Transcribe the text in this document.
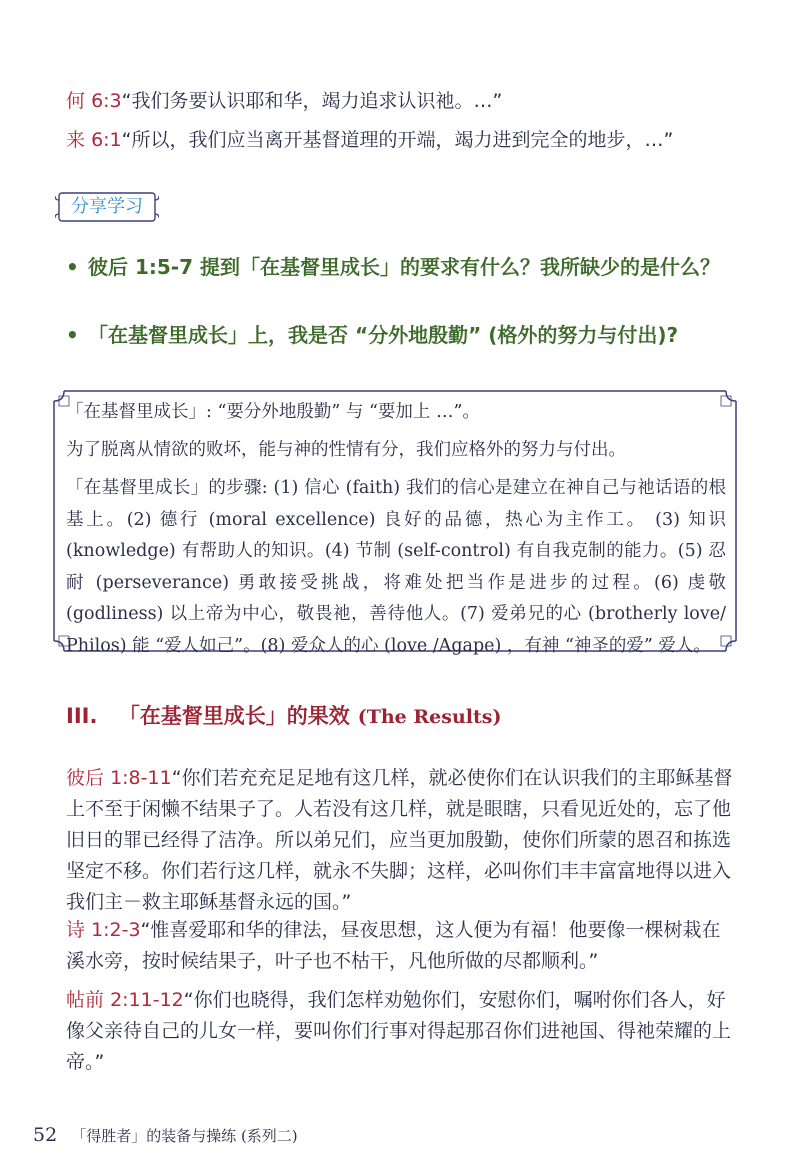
何 6:3“我们务要认识耶和华，竭力追求认识祂。…”
来 6:1“所以，我们应当离开基督道理的开端，竭力进到完全的地步，…”
分享学习
• 彼后 1:5-7 提到「在基督里成长」的要求有什么？我所缺少的是什么？
• 「在基督里成长」上，我是否 “分外地殷勤” (格外的努力与付出)?

「在基督里成长」: “要分外地殷勤” 与 “要加上 …”。

为了脱离从情欲的败坏，能与神的性情有分，我们应格外的努力与付出。

「在基督里成长」的步骤: (1) 信心 (faith) 我们的信心是建立在神自己与祂话语的根基上。(2) 德行 (moral excellence) 良好的品德，热心为主作工。 (3) 知识 (knowledge) 有帮助人的知识。(4) 节制 (self-control) 有自我克制的能力。(5) 忍耐 (perseverance) 勇敢接受挑战，将难处把当作是进步的过程。(6) 虔敬 (godliness) 以上帝为中心，敬畏祂，善待他人。(7) 爱弟兄的心 (brotherly love/ Philos) 能 “爱人如己”。(8) 爱众人的心 (love /Agape) ，有神 “神圣的爱” 爱人。

III. 「在基督里成长」的果效 (The Results)
彼后 1:8-11“你们若充充足足地有这几样，就必使你们在认识我们的主耶稣基督上不至于闲懒不结果子了。人若没有这几样，就是眼瞎，只看见近处的，忘了他旧日的罪已经得了洁净。所以弟兄们，应当更加殷勤，使你们所蒙的恩召和拣选坚定不移。你们若行这几样，就永不失脚；这样，必叫你们丰丰富富地得以进入我们主－救主耶稣基督永远的国。”
诗 1:2-3“惟喜爱耶和华的律法，昼夜思想，这人便为有福！他要像一棵树栽在溪水旁，按时候结果子，叶子也不枯干，凡他所做的尽都顺利。”
帖前 2:11-12“你们也晓得，我们怎样劝勉你们，安慰你们，嘱咐你们各人，好像父亲待自己的儿女一样，要叫你们行事对得起那召你们进祂国、得祂荣耀的上帝。”
52 「得胜者」的装备与操练 (系列二)
